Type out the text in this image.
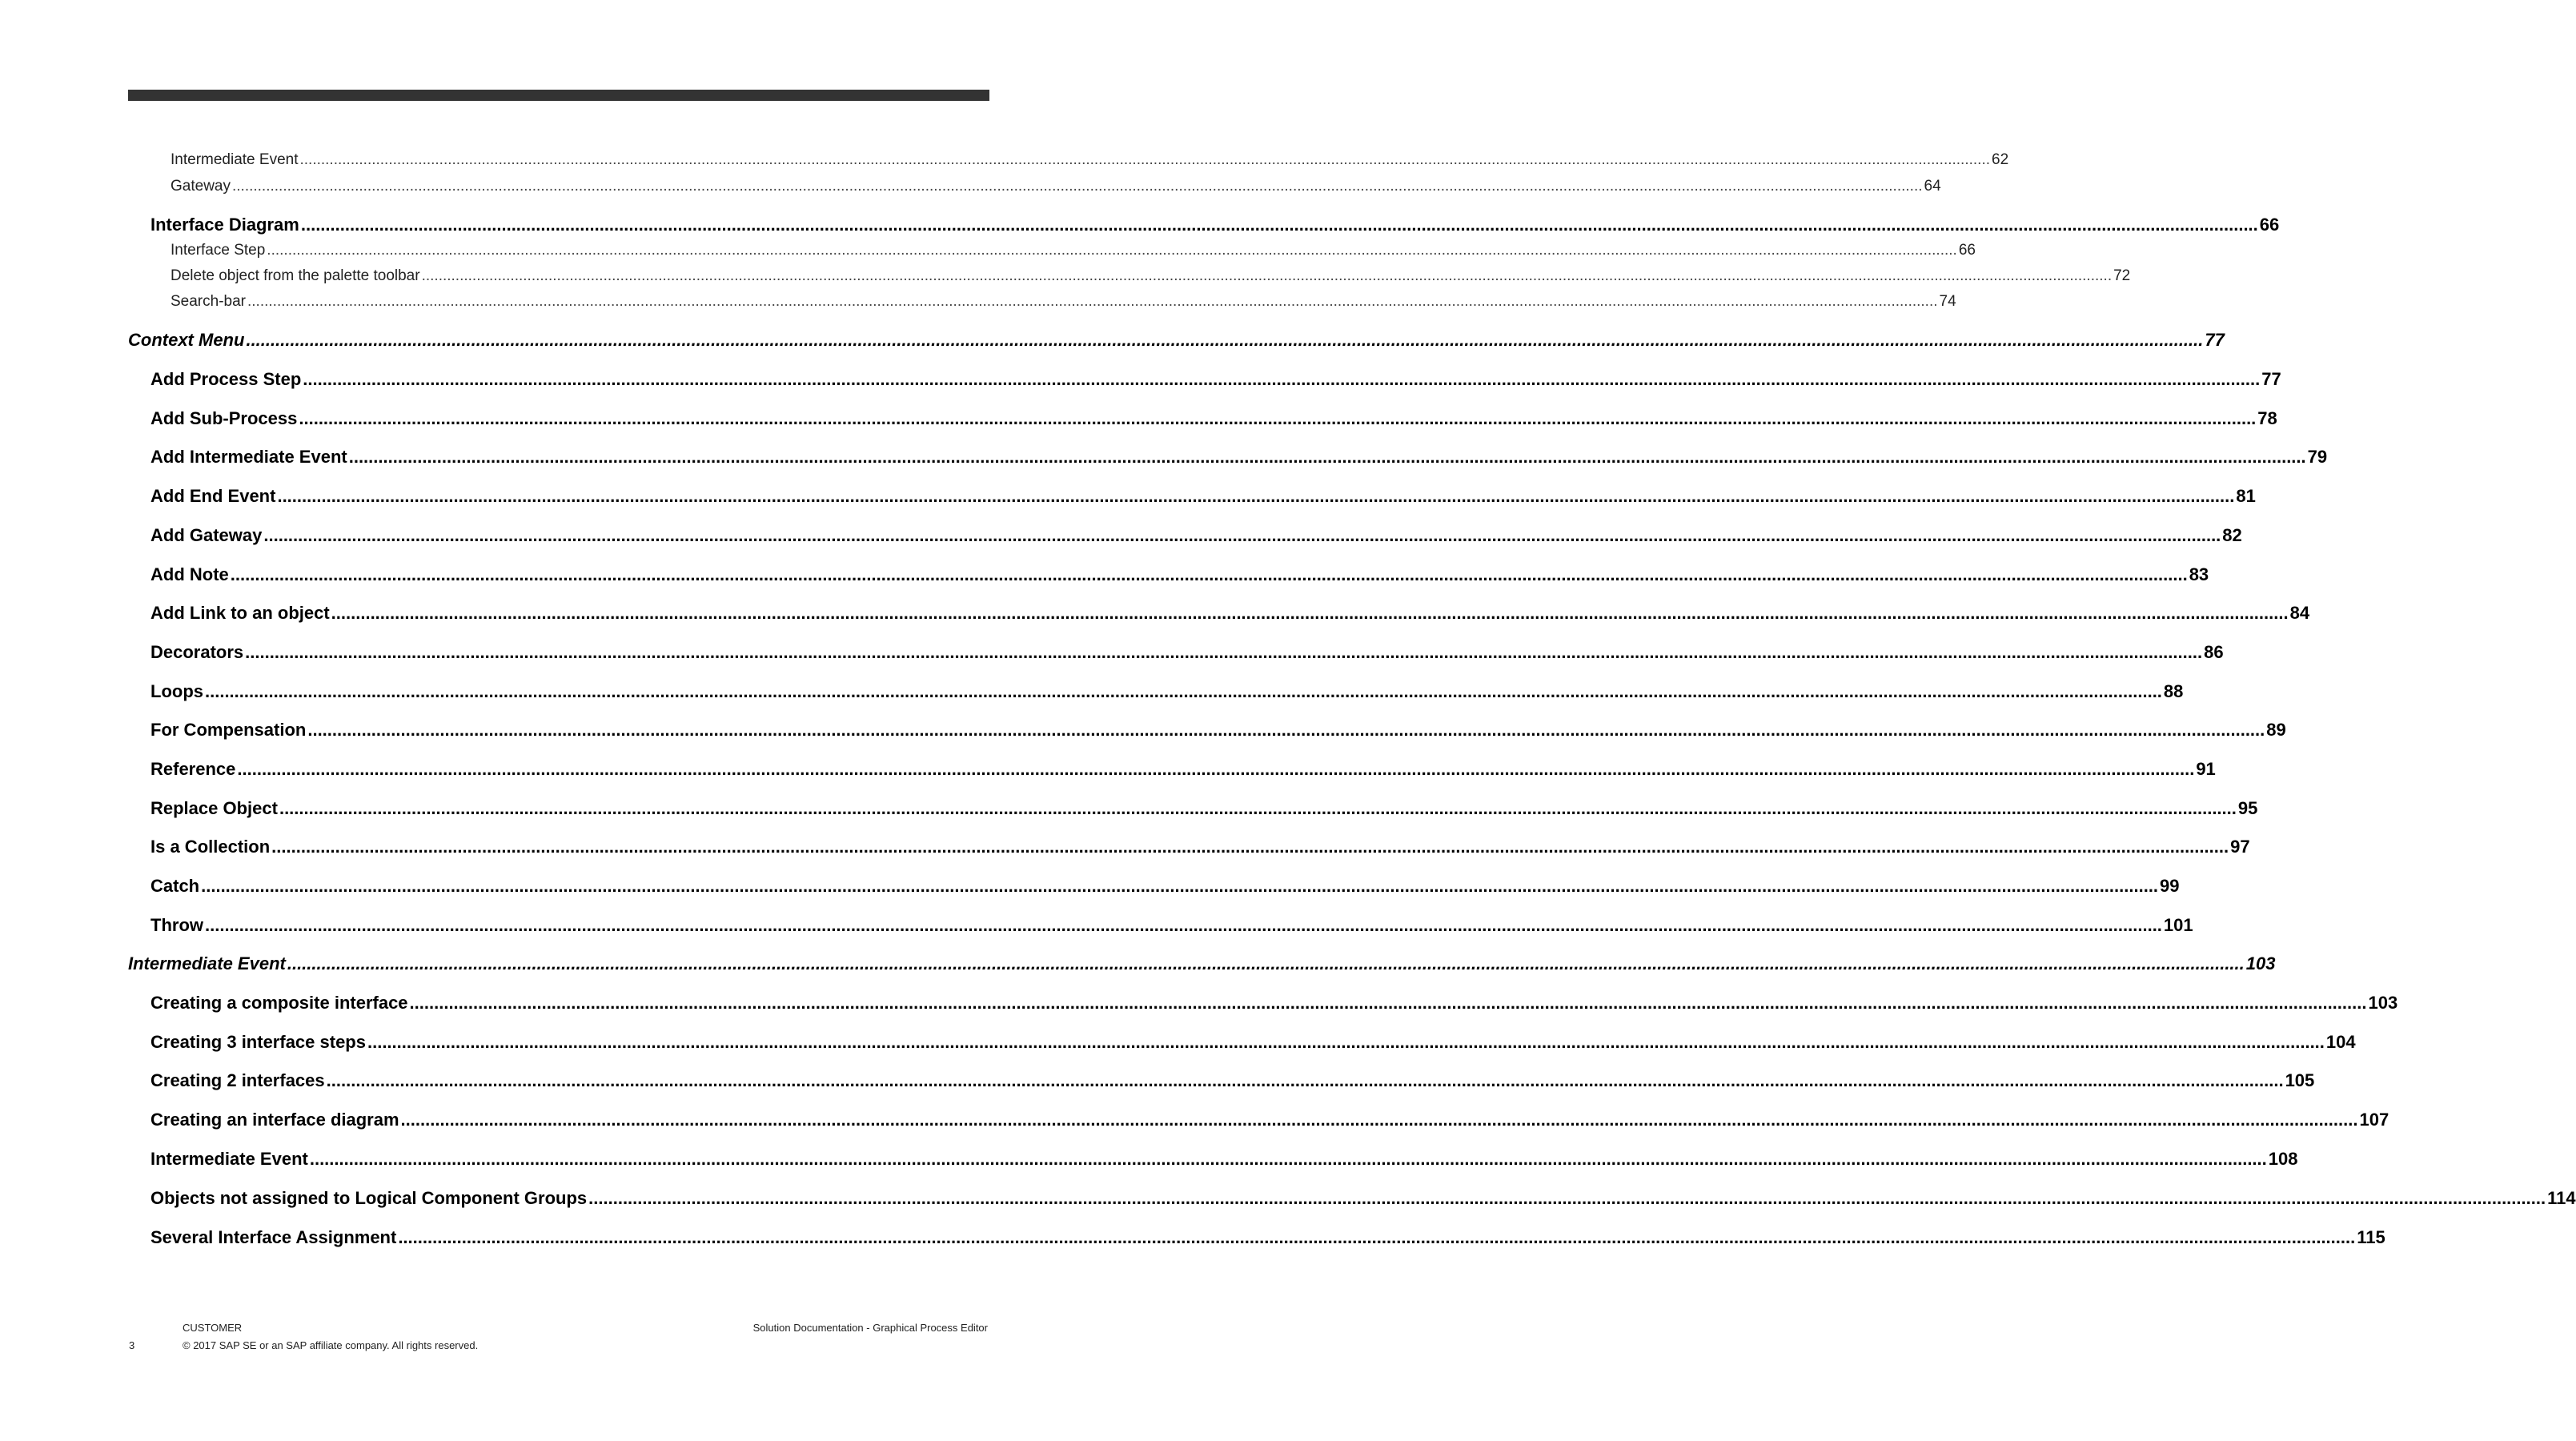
Intermediate Event ................................................................................................................................................................................................................................................................................................................................................................................................................ 62
Gateway ................................................................................................................................................................................................................................................................................................................................................................................................................ 64
Interface Diagram ................................................................................................................................................................................................................................................................................................................................................................................................................ 66
Interface Step ................................................................................................................................................................................................................................................................................................................................................................................................................ 66
Delete object from the palette toolbar ................................................................................................................................................................................................................................................................................................................................................................................................................ 72
Search-bar ................................................................................................................................................................................................................................................................................................................................................................................................................ 74
Context Menu ................................................................................................................................................................................................................................................................................................................................................................................................................ 77
Add Process Step ................................................................................................................................................................................................................................................................................................................................................................................................................ 77
Add Sub-Process ................................................................................................................................................................................................................................................................................................................................................................................................................ 78
Add Intermediate Event ................................................................................................................................................................................................................................................................................................................................................................................................................ 79
Add End Event ................................................................................................................................................................................................................................................................................................................................................................................................................ 81
Add Gateway ................................................................................................................................................................................................................................................................................................................................................................................................................ 82
Add Note ................................................................................................................................................................................................................................................................................................................................................................................................................ 83
Add Link to an object ................................................................................................................................................................................................................................................................................................................................................................................................................ 84
Decorators ................................................................................................................................................................................................................................................................................................................................................................................................................ 86
Loops ................................................................................................................................................................................................................................................................................................................................................................................................................ 88
For Compensation ................................................................................................................................................................................................................................................................................................................................................................................................................ 89
Reference ................................................................................................................................................................................................................................................................................................................................................................................................................ 91
Replace Object ................................................................................................................................................................................................................................................................................................................................................................................................................ 95
Is a Collection ................................................................................................................................................................................................................................................................................................................................................................................................................ 97
Catch ................................................................................................................................................................................................................................................................................................................................................................................................................ 99
Throw ................................................................................................................................................................................................................................................................................................................................................................................................................ 101
Intermediate Event ................................................................................................................................................................................................................................................................................................................................................................................................................ 103
Creating a composite interface ................................................................................................................................................................................................................................................................................................................................................................................................................ 103
Creating 3 interface steps ................................................................................................................................................................................................................................................................................................................................................................................................................ 104
Creating 2 interfaces ................................................................................................................................................................................................................................................................................................................................................................................................................ 105
Creating an interface diagram ................................................................................................................................................................................................................................................................................................................................................................................................................ 107
Intermediate Event ................................................................................................................................................................................................................................................................................................................................................................................................................ 108
Objects not assigned to Logical Component Groups ................................................................................................................................................................................................................................................................................................................................................................................................................ 114
Several Interface Assignment ................................................................................................................................................................................................................................................................................................................................................................................................................ 115
CUSTOMER	Solution Documentation - Graphical Process Editor
3	© 2017 SAP SE or an SAP affiliate company. All rights reserved.
